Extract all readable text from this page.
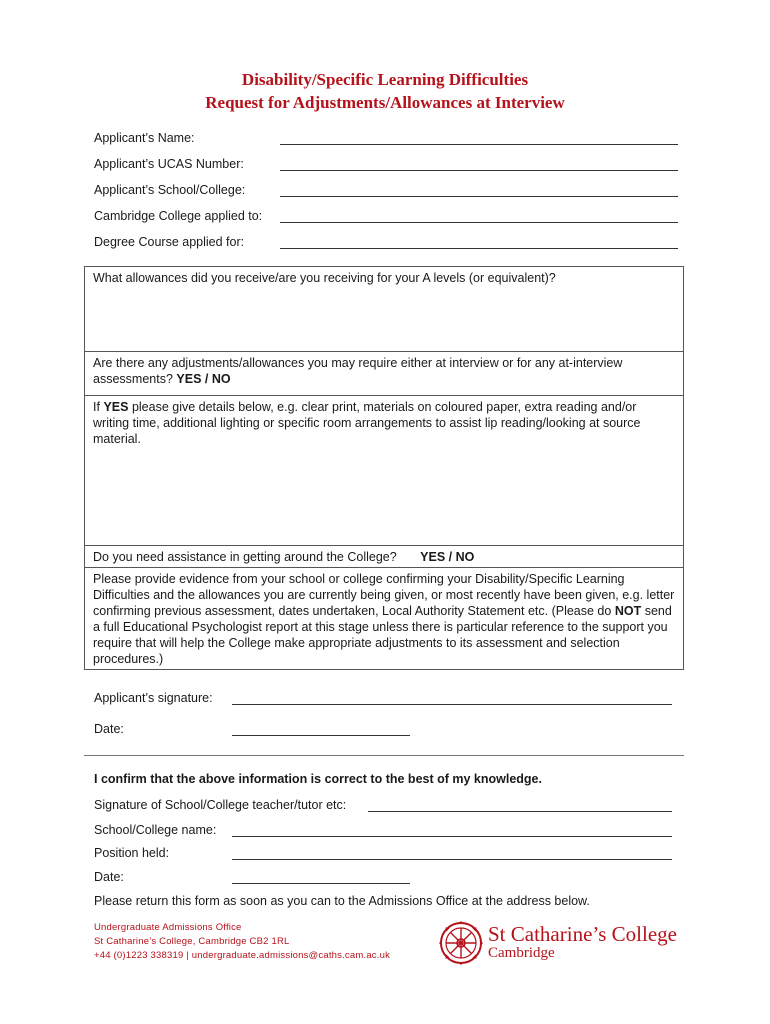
Disability/Specific Learning Difficulties
Request for Adjustments/Allowances at Interview
Applicant’s Name:
Applicant’s UCAS Number:
Applicant’s School/College:
Cambridge College applied to:
Degree Course applied for:
What allowances did you receive/are you receiving for your A levels (or equivalent)?
Are there any adjustments/allowances you may require either at interview or for any at-interview assessments? YES / NO
If YES please give details below, e.g. clear print, materials on coloured paper, extra reading and/or writing time, additional lighting or specific room arrangements to assist lip reading/looking at source material.
Do you need assistance in getting around the College? YES / NO
Please provide evidence from your school or college confirming your Disability/Specific Learning Difficulties and the allowances you are currently being given, or most recently have been given, e.g. letter confirming previous assessment, dates undertaken, Local Authority Statement etc. (Please do NOT send a full Educational Psychologist report at this stage unless there is particular reference to the support you require that will help the College make appropriate adjustments to its assessment and selection procedures.)
Applicant’s signature:
Date:
I confirm that the above information is correct to the best of my knowledge.
Signature of School/College teacher/tutor etc:
School/College name:
Position held:
Date:
Please return this form as soon as you can to the Admissions Office at the address below.
Undergraduate Admissions Office
St Catharine’s College, Cambridge CB2 1RL
+44 (0)1223 338319 | undergraduate.admissions@caths.cam.ac.uk
St Catharine’s College
Cambridge
